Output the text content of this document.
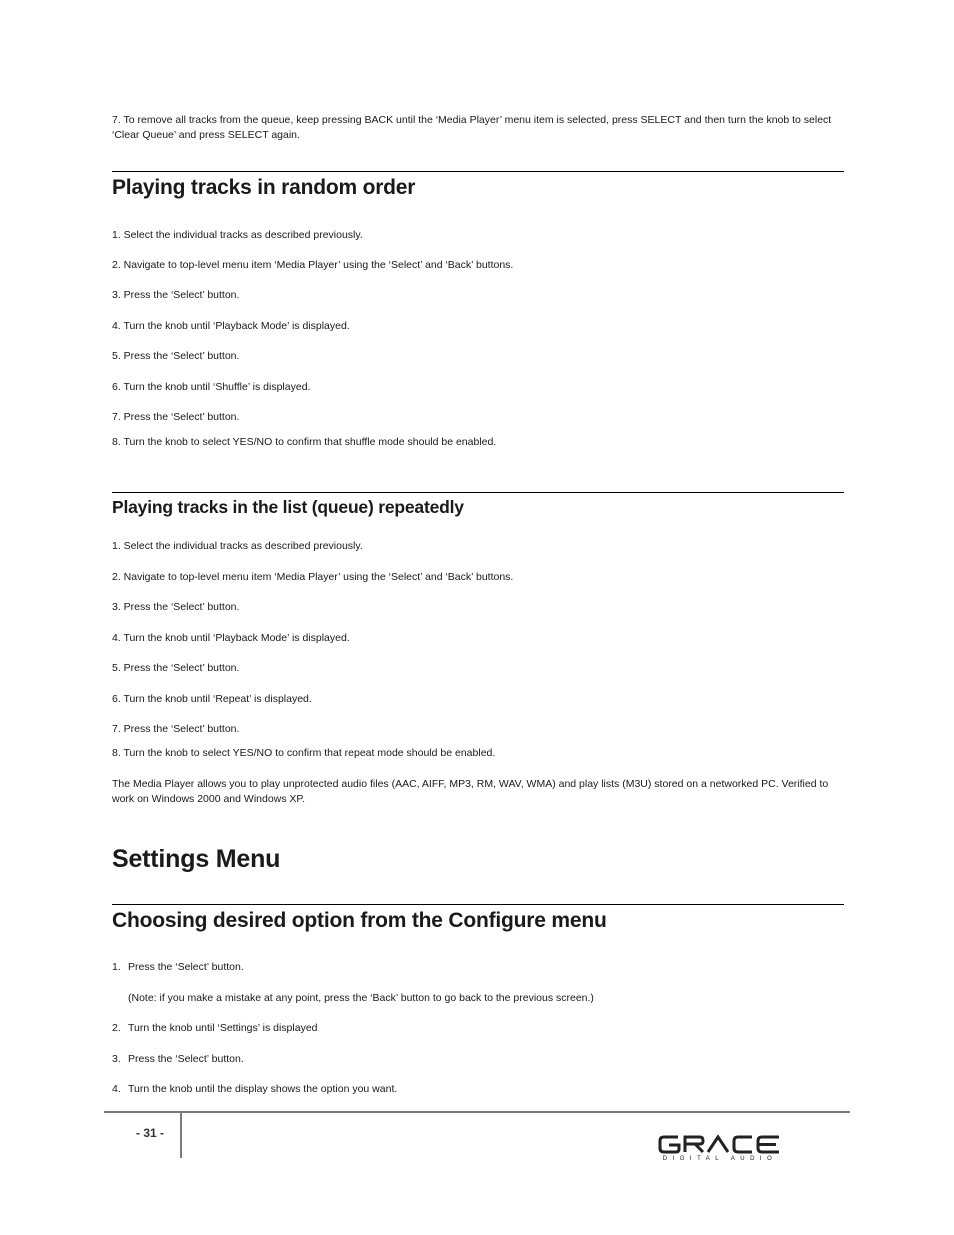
7. To remove all tracks from the queue, keep pressing BACK until the ‘Media Player’ menu item is selected, press SELECT and then turn the knob to select ‘Clear Queue’ and press SELECT again.

Playing tracks in random order

1. Select the individual tracks as described previously.

2. Navigate to top-level menu item ‘Media Player’ using the ‘Select’ and ‘Back’ buttons.

3. Press the ‘Select’ button.

4. Turn the knob until ‘Playback Mode’ is displayed.

5. Press the ‘Select’ button.

6. Turn the knob until ‘Shuffle’ is displayed.

7. Press the ‘Select’ button.

8. Turn the knob to select YES/NO to confirm that shuffle mode should be enabled.

Playing tracks in the list (queue) repeatedly

1. Select the individual tracks as described previously.

2. Navigate to top-level menu item ‘Media Player’ using the ‘Select’ and ‘Back’ buttons.

3. Press the ‘Select’ button.

4. Turn the knob until ‘Playback Mode’ is displayed.

5. Press the ‘Select’ button.

6. Turn the knob until ‘Repeat’ is displayed.

7. Press the ‘Select’ button.

8. Turn the knob to select YES/NO to confirm that repeat mode should be enabled.

The Media Player allows you to play unprotected audio files (AAC, AIFF, MP3, RM, WAV, WMA) and play lists (M3U) stored on a networked PC. Verified to work on Windows 2000 and Windows XP.

Settings Menu
Choosing desired option from the Configure menu

1. Press the ‘Select’ button.

(Note: if you make a mistake at any point, press the ‘Back’ button to go back to the previous screen.)

2. Turn the knob until ‘Settings’ is displayed

3. Press the ‘Select’ button.

4. Turn the knob until the display shows the option you want.

- 31 -
DIGITAL AUDIO
